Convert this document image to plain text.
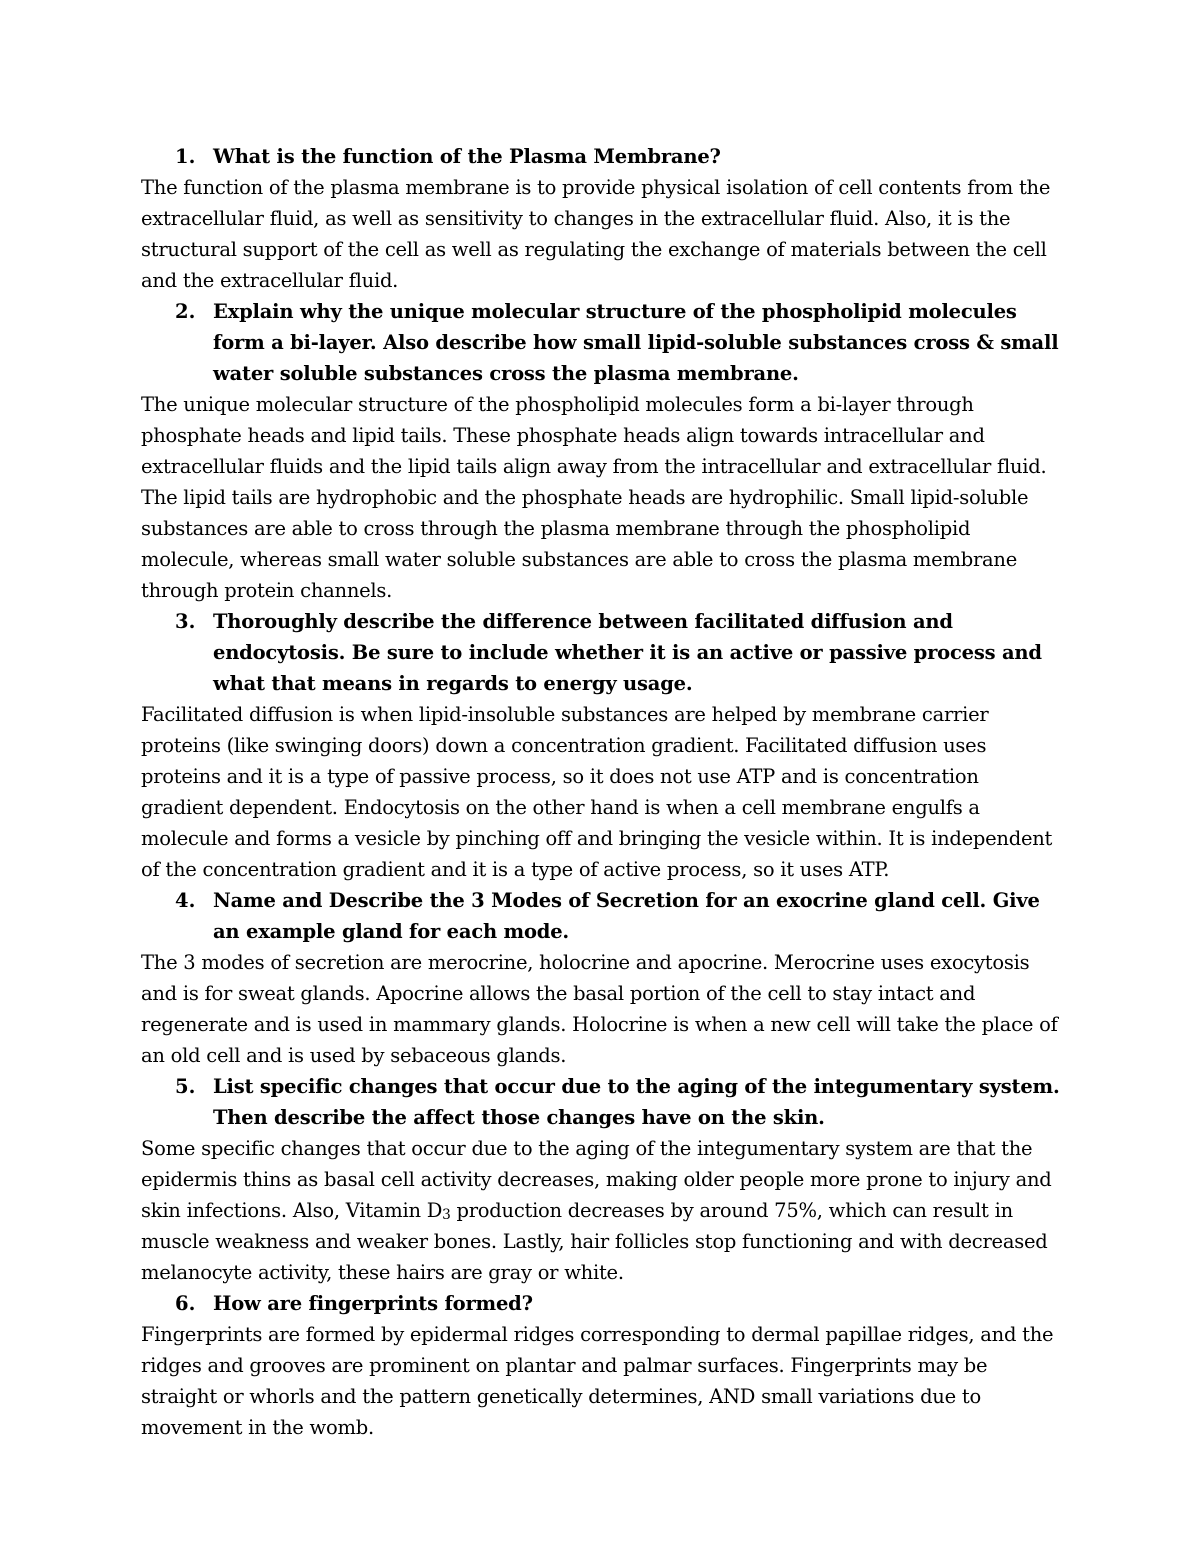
1. What is the function of the Plasma Membrane?

The function of the plasma membrane is to provide physical isolation of cell contents from the extracellular fluid, as well as sensitivity to changes in the extracellular fluid. Also, it is the structural support of the cell as well as regulating the exchange of materials between the cell and the extracellular fluid.

2. Explain why the unique molecular structure of the phospholipid molecules form a bi-layer. Also describe how small lipid-soluble substances cross & small water soluble substances cross the plasma membrane.

The unique molecular structure of the phospholipid molecules form a bi-layer through phosphate heads and lipid tails. These phosphate heads align towards intracellular and extracellular fluids and the lipid tails align away from the intracellular and extracellular fluid. The lipid tails are hydrophobic and the phosphate heads are hydrophilic. Small lipid-soluble substances are able to cross through the plasma membrane through the phospholipid molecule, whereas small water soluble substances are able to cross the plasma membrane through protein channels.

3. Thoroughly describe the difference between facilitated diffusion and endocytosis. Be sure to include whether it is an active or passive process and what that means in regards to energy usage.

Facilitated diffusion is when lipid-insoluble substances are helped by membrane carrier proteins (like swinging doors) down a concentration gradient. Facilitated diffusion uses proteins and it is a type of passive process, so it does not use ATP and is concentration gradient dependent. Endocytosis on the other hand is when a cell membrane engulfs a molecule and forms a vesicle by pinching off and bringing the vesicle within. It is independent of the concentration gradient and it is a type of active process, so it uses ATP.

4. Name and Describe the 3 Modes of Secretion for an exocrine gland cell. Give an example gland for each mode.

The 3 modes of secretion are merocrine, holocrine and apocrine. Merocrine uses exocytosis and is for sweat glands. Apocrine allows the basal portion of the cell to stay intact and regenerate and is used in mammary glands. Holocrine is when a new cell will take the place of an old cell and is used by sebaceous glands.

5. List specific changes that occur due to the aging of the integumentary system. Then describe the affect those changes have on the skin.

Some specific changes that occur due to the aging of the integumentary system are that the epidermis thins as basal cell activity decreases, making older people more prone to injury and skin infections. Also, Vitamin $D_3$ production decreases by around 75%, which can result in muscle weakness and weaker bones. Lastly, hair follicles stop functioning and with decreased melanocyte activity, these hairs are gray or white.

6. How are fingerprints formed?

Fingerprints are formed by epidermal ridges corresponding to dermal papillae ridges, and the ridges and grooves are prominent on plantar and palmar surfaces. Fingerprints may be straight or whorls and the pattern genetically determines, AND small variations due to movement in the womb.
